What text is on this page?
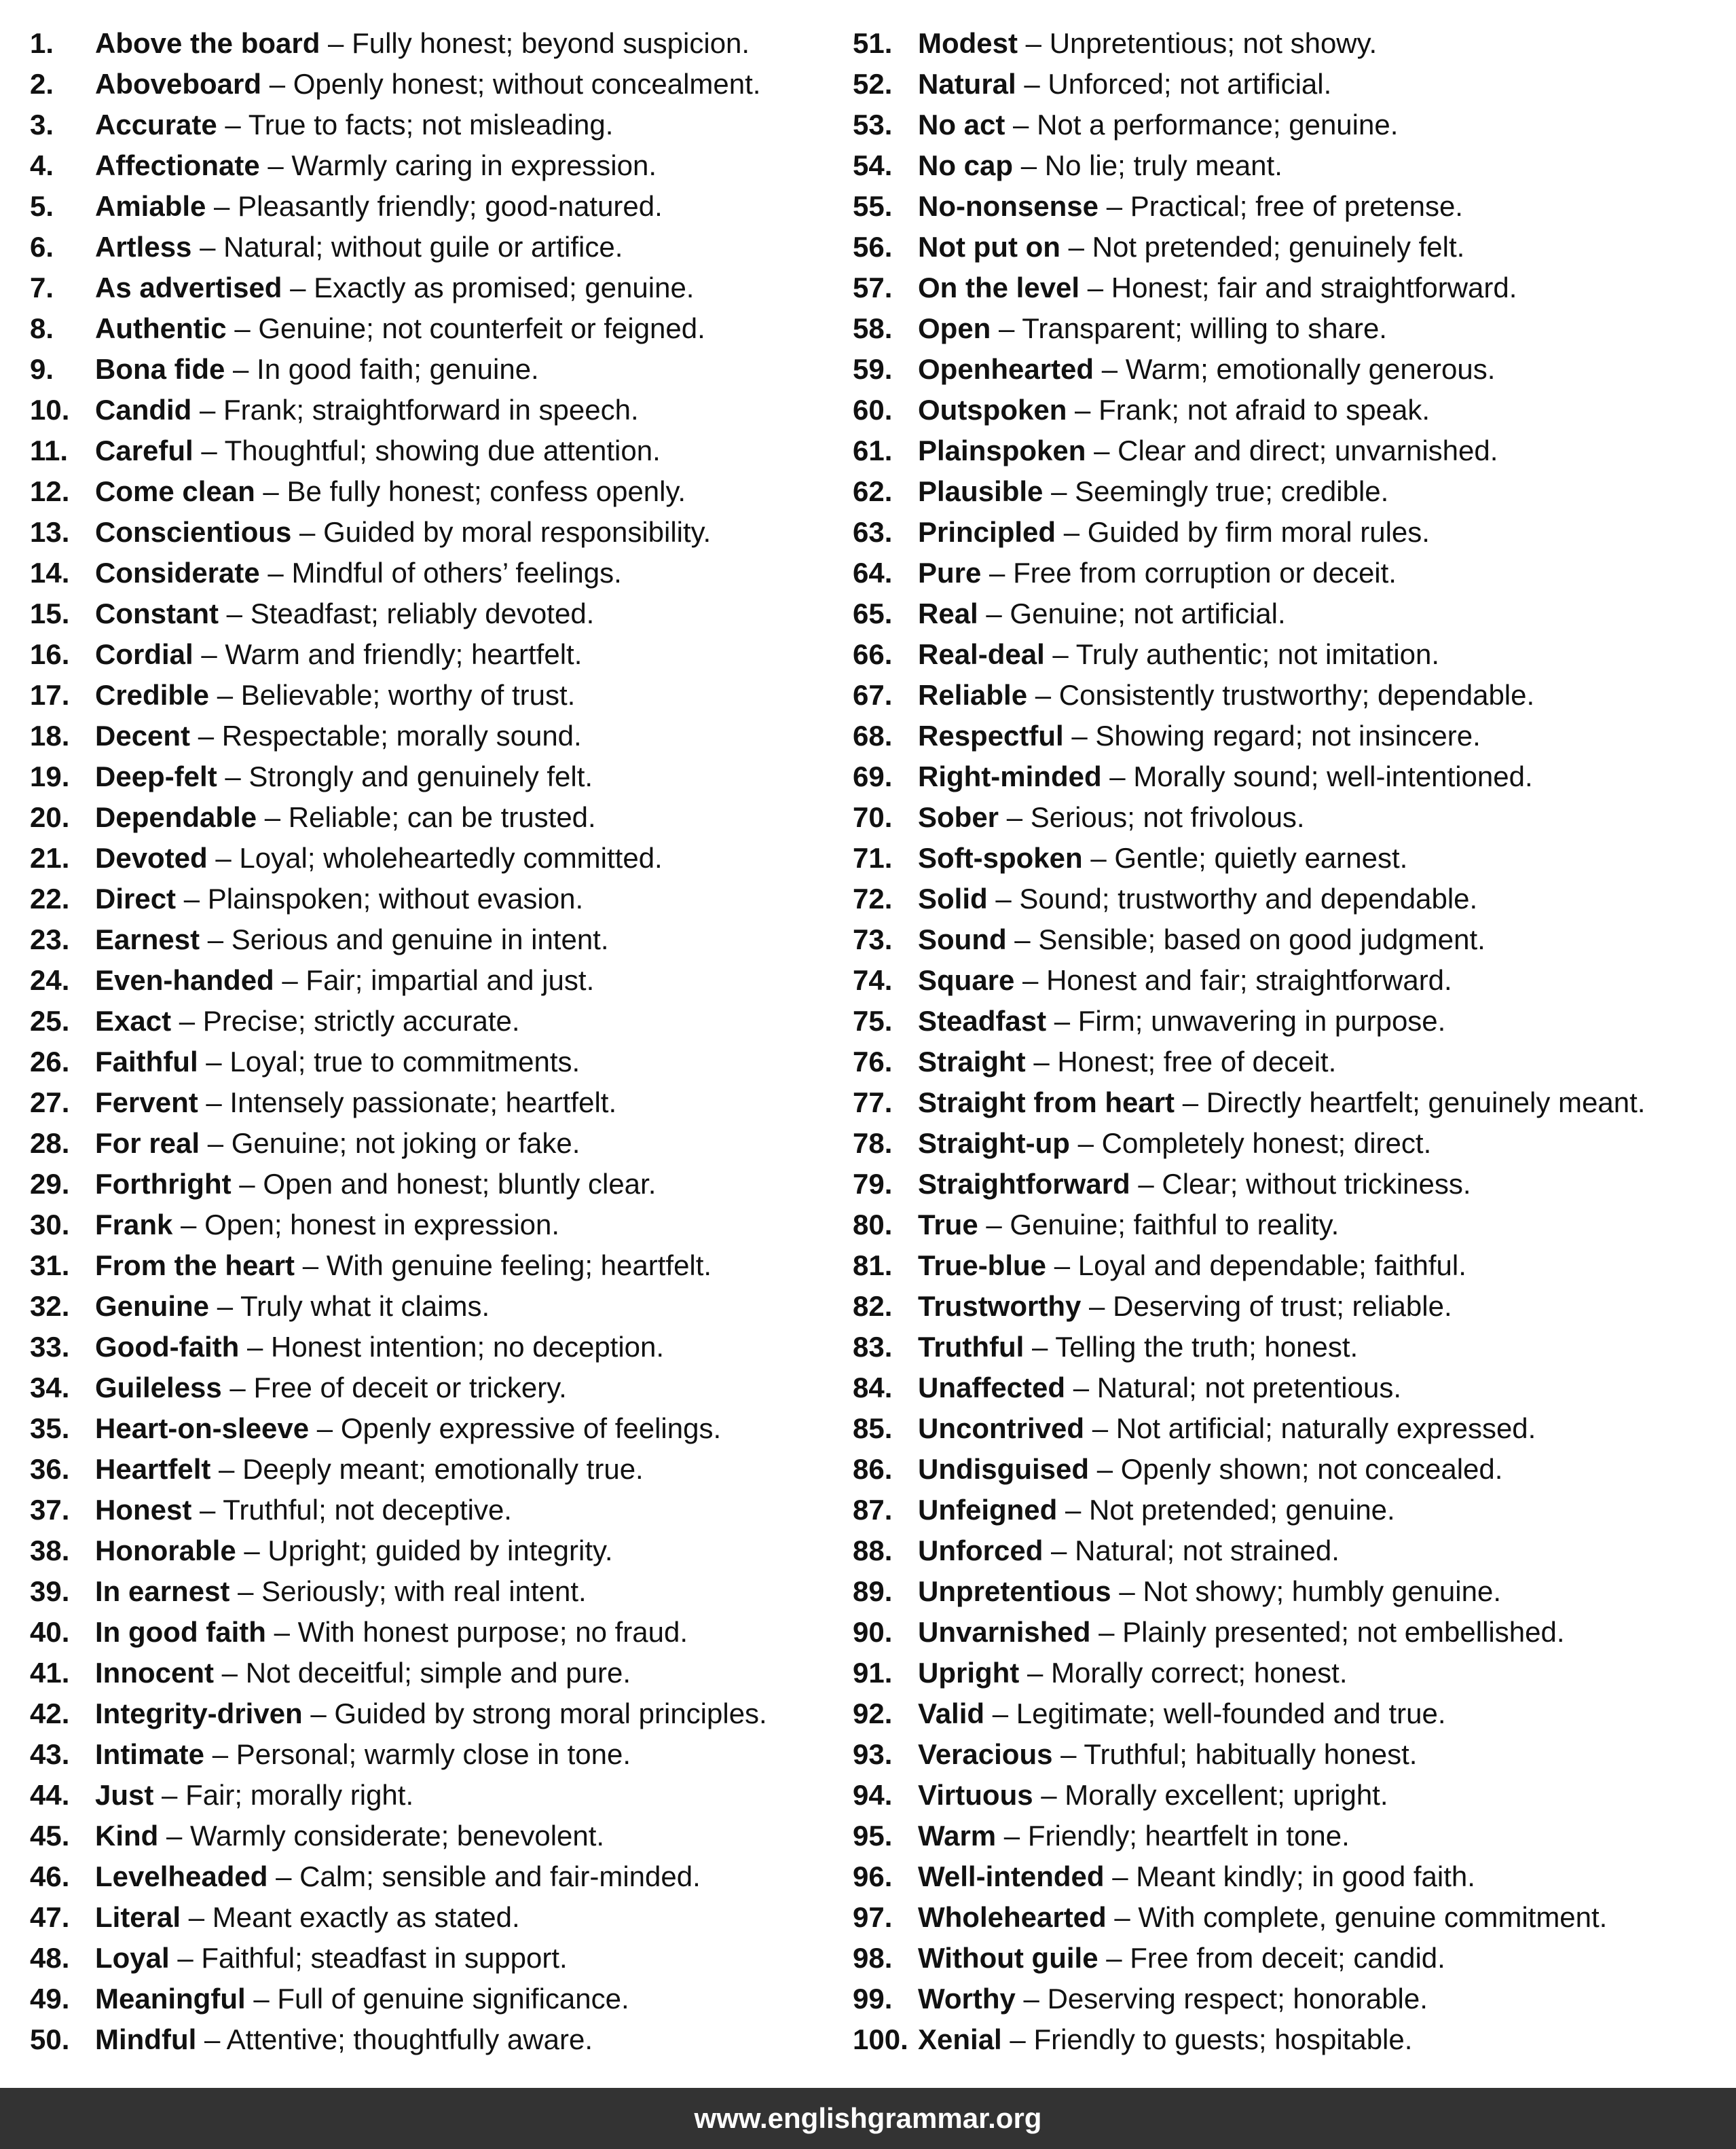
1.	Above the board – Fully honest; beyond suspicion.
2.	Aboveboard – Openly honest; without concealment.
3.	Accurate – True to facts; not misleading.
4.	Affectionate – Warmly caring in expression.
5.	Amiable – Pleasantly friendly; good-natured.
6.	Artless – Natural; without guile or artifice.
7.	As advertised – Exactly as promised; genuine.
8.	Authentic – Genuine; not counterfeit or feigned.
9.	Bona fide – In good faith; genuine.
10. Candid – Frank; straightforward in speech.
11. Careful – Thoughtful; showing due attention.
12. Come clean – Be fully honest; confess openly.
13. Conscientious – Guided by moral responsibility.
14. Considerate – Mindful of others’ feelings.
15. Constant – Steadfast; reliably devoted.
16. Cordial – Warm and friendly; heartfelt.
17. Credible – Believable; worthy of trust.
18. Decent – Respectable; morally sound.
19. Deep-felt – Strongly and genuinely felt.
20. Dependable – Reliable; can be trusted.
21. Devoted – Loyal; wholeheartedly committed.
22. Direct – Plainspoken; without evasion.
23. Earnest – Serious and genuine in intent.
24. Even-handed – Fair; impartial and just.
25. Exact – Precise; strictly accurate.
26. Faithful – Loyal; true to commitments.
27. Fervent – Intensely passionate; heartfelt.
28. For real – Genuine; not joking or fake.
29. Forthright – Open and honest; bluntly clear.
30. Frank – Open; honest in expression.
31. From the heart – With genuine feeling; heartfelt.
32. Genuine – Truly what it claims.
33. Good-faith – Honest intention; no deception.
34. Guileless – Free of deceit or trickery.
35. Heart-on-sleeve – Openly expressive of feelings.
36. Heartfelt – Deeply meant; emotionally true.
37. Honest – Truthful; not deceptive.
38. Honorable – Upright; guided by integrity.
39. In earnest – Seriously; with real intent.
40. In good faith – With honest purpose; no fraud.
41. Innocent – Not deceitful; simple and pure.
42. Integrity-driven – Guided by strong moral principles.
43. Intimate – Personal; warmly close in tone.
44. Just – Fair; morally right.
45. Kind – Warmly considerate; benevolent.
46. Levelheaded – Calm; sensible and fair-minded.
47. Literal – Meant exactly as stated.
48. Loyal – Faithful; steadfast in support.
49. Meaningful – Full of genuine significance.
50. Mindful – Attentive; thoughtfully aware.
51. Modest – Unpretentious; not showy.
52. Natural – Unforced; not artificial.
53. No act – Not a performance; genuine.
54. No cap – No lie; truly meant.
55. No-nonsense – Practical; free of pretense.
56. Not put on – Not pretended; genuinely felt.
57. On the level – Honest; fair and straightforward.
58. Open – Transparent; willing to share.
59. Openhearted – Warm; emotionally generous.
60. Outspoken – Frank; not afraid to speak.
61. Plainspoken – Clear and direct; unvarnished.
62. Plausible – Seemingly true; credible.
63. Principled – Guided by firm moral rules.
64. Pure – Free from corruption or deceit.
65. Real – Genuine; not artificial.
66. Real-deal – Truly authentic; not imitation.
67. Reliable – Consistently trustworthy; dependable.
68. Respectful – Showing regard; not insincere.
69. Right-minded – Morally sound; well-intentioned.
70. Sober – Serious; not frivolous.
71. Soft-spoken – Gentle; quietly earnest.
72. Solid – Sound; trustworthy and dependable.
73. Sound – Sensible; based on good judgment.
74. Square – Honest and fair; straightforward.
75. Steadfast – Firm; unwavering in purpose.
76. Straight – Honest; free of deceit.
77. Straight from heart – Directly heartfelt; genuinely meant.
78. Straight-up – Completely honest; direct.
79. Straightforward – Clear; without trickiness.
80. True – Genuine; faithful to reality.
81. True-blue – Loyal and dependable; faithful.
82. Trustworthy – Deserving of trust; reliable.
83. Truthful – Telling the truth; honest.
84. Unaffected – Natural; not pretentious.
85. Uncontrived – Not artificial; naturally expressed.
86. Undisguised – Openly shown; not concealed.
87. Unfeigned – Not pretended; genuine.
88. Unforced – Natural; not strained.
89. Unpretentious – Not showy; humbly genuine.
90. Unvarnished – Plainly presented; not embellished.
91. Upright – Morally correct; honest.
92. Valid – Legitimate; well-founded and true.
93. Veracious – Truthful; habitually honest.
94. Virtuous – Morally excellent; upright.
95. Warm – Friendly; heartfelt in tone.
96. Well-intended – Meant kindly; in good faith.
97. Wholehearted – With complete, genuine commitment.
98. Without guile – Free from deceit; candid.
99. Worthy – Deserving respect; honorable.
100. Xenial – Friendly to guests; hospitable.
www.englishgrammar.org
